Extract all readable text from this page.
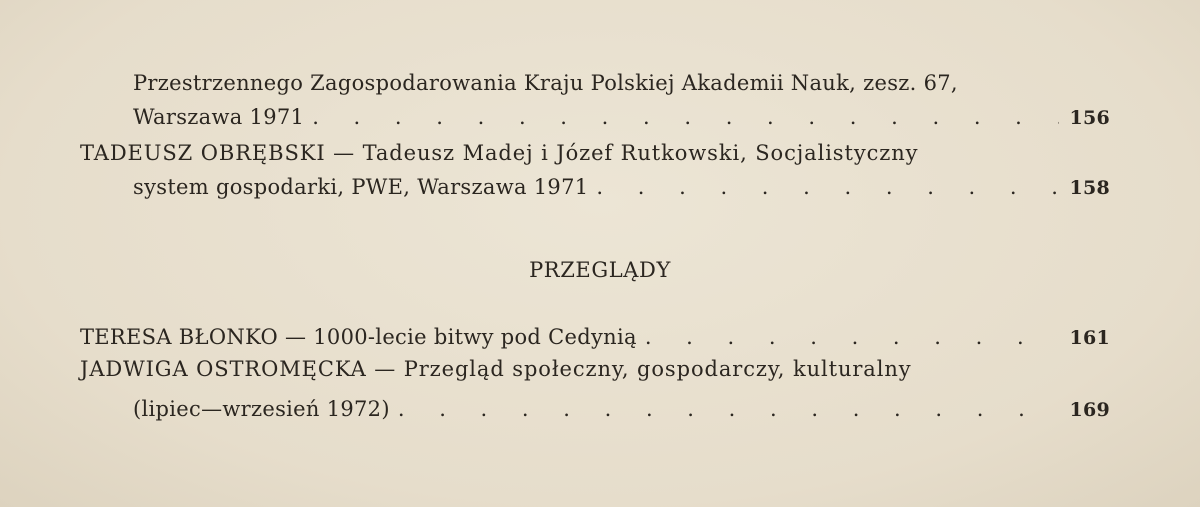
Przestrzennego Zagospodarowania Kraju Polskiej Akademii Nauk, zesz. 67,
Warszawa 1971 . . .	156
TADEUSZ OBRĘBSKI — Tadeusz Madej i Józef Rutkowski, Socjalistyczny
system gospodarki, PWE, Warszawa 1971 . . .	158
PRZEGLĄDY
TERESA BŁONKO — 1000-lecie bitwy pod Cedynią . . .	161
JADWIGA OSTROMĘCKA — Przegląd społeczny, gospodarczy, kulturalny
(lipiec—wrzesień 1972) . . .	169
